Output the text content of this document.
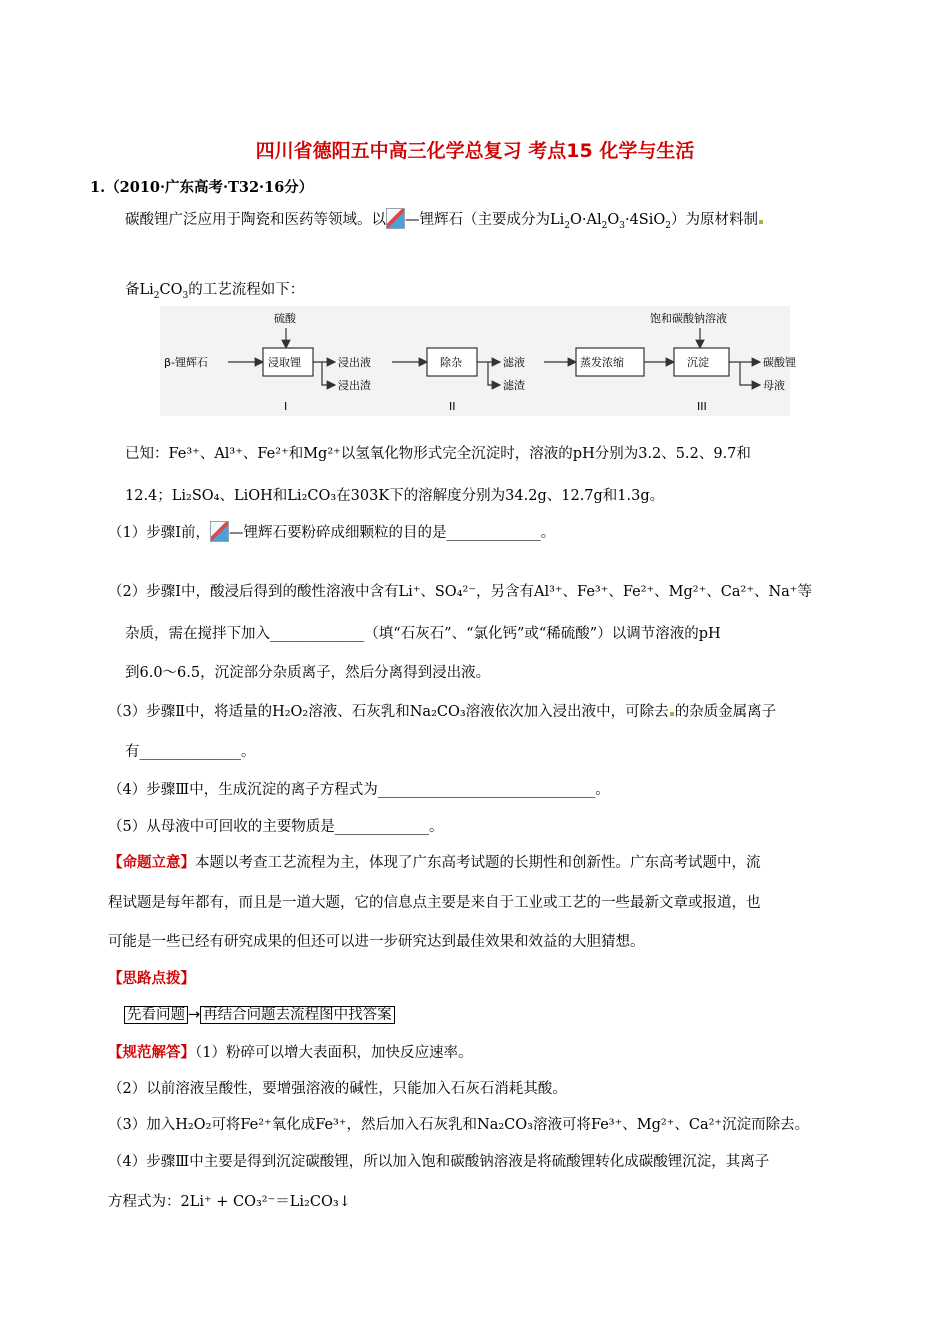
四川省德阳五中高三化学总复习 考点15 化学与生活
1.（2010·广东高考·T32·16分）
碳酸锂广泛应用于陶瓷和医药等领域。以 —锂辉石（主要成分为$Li_2O\cdot Al_2O_3\cdot 4SiO_2$）为原材料制
备$Li_2CO_3$的工艺流程如下：
β-锂辉石
硫酸
浸取锂	浸出液
浸出渣
除杂	滤液
滤渣
蒸发浓缩
饱和碳酸钠溶液
沉淀	碳酸锂
母液
I	II	III
已知：Fe³⁺、Al³⁺、Fe²⁺和Mg²⁺以氢氧化物形式完全沉淀时，溶液的pH分别为3.2、5.2、9.7和
12.4；Li₂SO₄、LiOH和Li₂CO₃在303K下的溶解度分别为34.2g、12.7g和1.3g。
（1）步骤Ⅰ前， —锂辉石要粉碎成细颗粒的目的是_____________。
（2）步骤Ⅰ中，酸浸后得到的酸性溶液中含有Li⁺、SO₄²⁻，另含有Al³⁺、Fe³⁺、Fe²⁺、Mg²⁺、Ca²⁺、Na⁺等
杂质，需在搅拌下加入_____________（填“石灰石”、“氯化钙”或“稀硫酸”）以调节溶液的pH
到6.0～6.5，沉淀部分杂质离子，然后分离得到浸出液。
（3）步骤Ⅱ中，将适量的H₂O₂溶液、石灰乳和Na₂CO₃溶液依次加入浸出液中，可除去 的杂质金属离子
有______________。
（4）步骤Ⅲ中，生成沉淀的离子方程式为______________________________。
（5）从母液中可回收的主要物质是_____________。
【命题立意】本题以考查工艺流程为主，体现了广东高考试题的长期性和创新性。广东高考试题中，流
程试题是每年都有，而且是一道大题，它的信息点主要是来自于工业或工艺的一些最新文章或报道，也
可能是一些已经有研究成果的但还可以进一步研究达到最佳效果和效益的大胆猜想。
【思路点拨】
先看问题 → 再结合问题去流程图中找答案
【规范解答】（1）粉碎可以增大表面积，加快反应速率。
（2）以前溶液呈酸性，要增强溶液的碱性，只能加入石灰石消耗其酸。
（3）加入H₂O₂可将Fe²⁺氧化成Fe³⁺，然后加入石灰乳和Na₂CO₃溶液可将Fe³⁺、Mg²⁺、Ca²⁺沉淀而除去。
（4）步骤Ⅲ中主要是得到沉淀碳酸锂，所以加入饱和碳酸钠溶液是将硫酸锂转化成碳酸锂沉淀，其离子
方程式为：2Li⁺ + CO₃²⁻＝Li₂CO₃↓
